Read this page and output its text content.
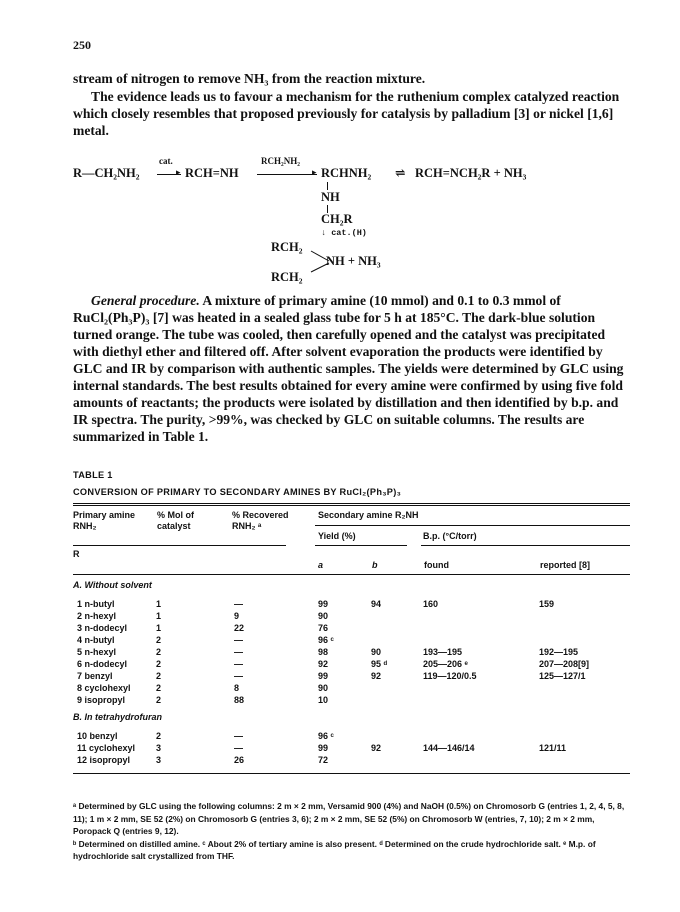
250
stream of nitrogen to remove NH₃ from the reaction mixture.
The evidence leads us to favour a mechanism for the ruthenium complex catalyzed reaction which closely resembles that proposed previously for catalysis by palladium [3] or nickel [1,6] metal.
R—CH₂NH₂
cat.
▸ RCH=NH
RCH₂NH₂
▸ RCHNH₂ ⇌ RCH=NCH₂R + NH₃
NH
CH₂R
↓ cat.(H)
RCH₂
NH + NH₃
RCH₂
General procedure. A mixture of primary amine (10 mmol) and 0.1 to 0.3 mmol of RuCl₂(Ph₃P)₃ [7] was heated in a sealed glass tube for 5 h at 185°C. The dark-blue solution turned orange. The tube was cooled, then carefully opened and the catalyst was precipitated with diethyl ether and filtered off. After solvent evaporation the products were identified by GLC and IR by comparison with authentic samples. The yields were determined by GLC using internal standards. The best results obtained for every amine were confirmed by using five fold amounts of reactants; the products were isolated by distillation and then identified by b.p. and IR spectra. The purity, >99%, was checked by GLC on suitable columns. The results are summarized in Table 1.
TABLE 1
CONVERSION OF PRIMARY TO SECONDARY AMINES BY RuCl₂(Ph₃P)₃
Primary amine
RNH₂
% Mol of
catalyst
% Recovered
RNH₂ ᵃ
Secondary amine R₂NH
Yield (%)	B.p. (°C/torr)
R
a	b	found	reported [8]
A. Without solvent
1 n-butyl	1	—	99	94	160	159
2 n-hexyl	1	9	90
3 n-dodecyl	1	22	76
4 n-butyl	2	—	96 ᶜ
5 n-hexyl	2	—	98	90	193—195	192—195
6 n-dodecyl	2	—	92	95 ᵈ	205—206 ᵉ	207—208[9]
7 benzyl	2	—	99	92	119—120/0.5	125—127/1
8 cyclohexyl	2	8	90
9 isopropyl	2	88	10
B. In tetrahydrofuran
10 benzyl	2	—	96 ᶜ
11 cyclohexyl 3	—	99	92	144—146/14	121/11
12 isopropyl	3	26	72
ᵃ Determined by GLC using the following columns: 2 m × 2 mm, Versamid 900 (4%) and NaOH (0.5%) on Chromosorb G (entries 1, 2, 4, 5, 8, 11); 1 m × 2 mm, SE 52 (2%) on Chromosorb G (entries 3, 6); 2 m × 2 mm, SE 52 (5%) on Chromosorb W (entries, 7, 10); 2 m × 2 mm, Poropack Q (entries 9, 12).
ᵇ Determined on distilled amine. ᶜ About 2% of tertiary amine is also present. ᵈ Determined on the crude hydrochloride salt. ᵉ M.p. of hydrochloride salt crystallized from THF.
